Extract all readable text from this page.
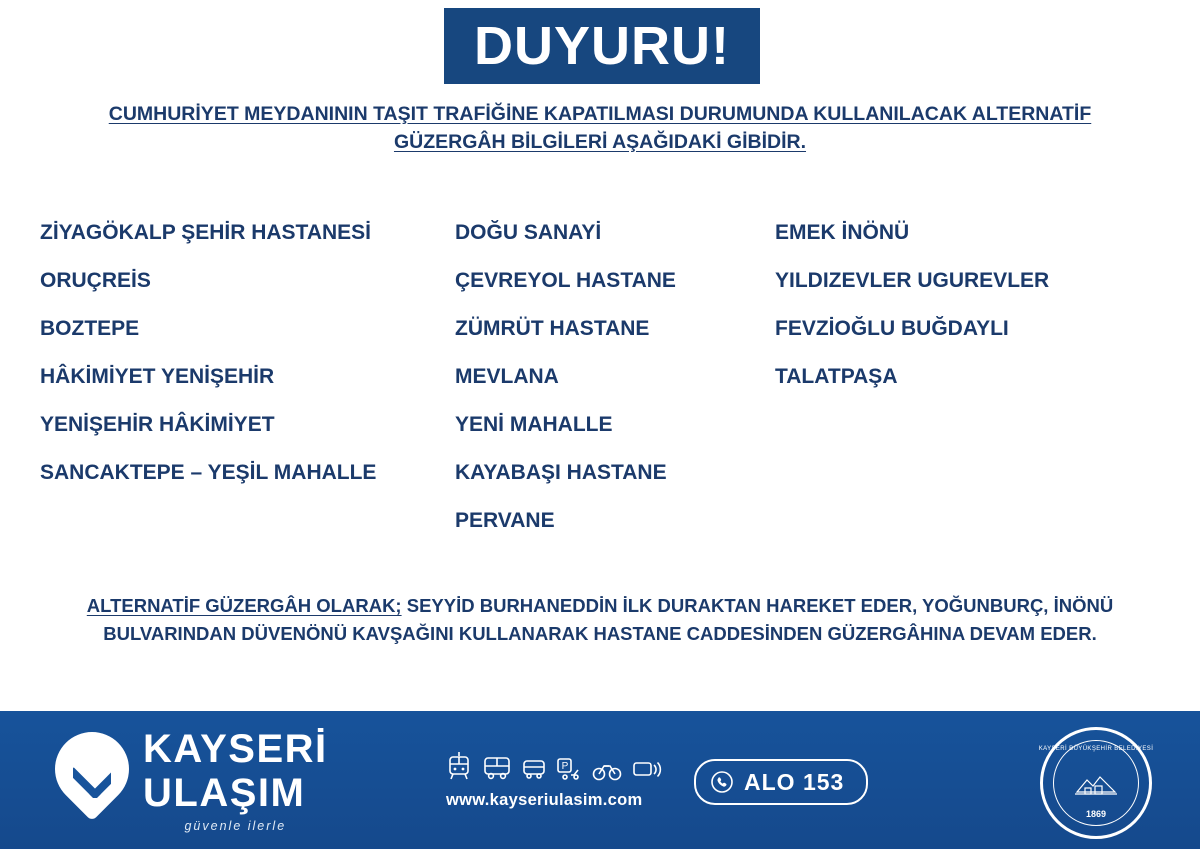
DUYURU!
CUMHURİYET MEYDANININ TAŞIT TRAFİĞİNE KAPATILMASI DURUMUNDA KULLANILACAK ALTERNATİF
GÜZERGÂH BİLGİLERİ AŞAĞIDAKİ GİBİDİR.
ZİYAGÖKALP ŞEHİR HASTANESİ
ORUÇREİS
BOZTEPE
HÂKİMİYET YENİŞEHİR
YENİŞEHİR HÂKİMİYET
SANCAKTEPE – YEŞİL MAHALLE
DOĞU SANAYİ
ÇEVREYOL HASTANE
ZÜMRÜT HASTANE
MEVLANA
YENİ MAHALLE
KAYABAŞI HASTANE
PERVANE
EMEK İNÖNÜ
YILDIZEVLER UGUREVLER
FEVZİOĞLU BUĞDAYLI
TALATPAŞA
ALTERNATİF GÜZERGÂH OLARAK; SEYYİD BURHANEDDİN İLK DURAKTAN HAREKET EDER, YOĞUNBURÇ, İNÖNÜ BULVARINDAN DÜVENÖNÜ KAVŞAĞINI KULLANARAK HASTANE CADDESİNDEN GÜZERGÂHINA DEVAM EDER.
KAYSERİ
ULAŞIM
güvenle ilerle
P
www.kayseriulasim.com
ALO 153
KAYSERİ BÜYÜKŞEHİR BELEDİYESİ
1869
